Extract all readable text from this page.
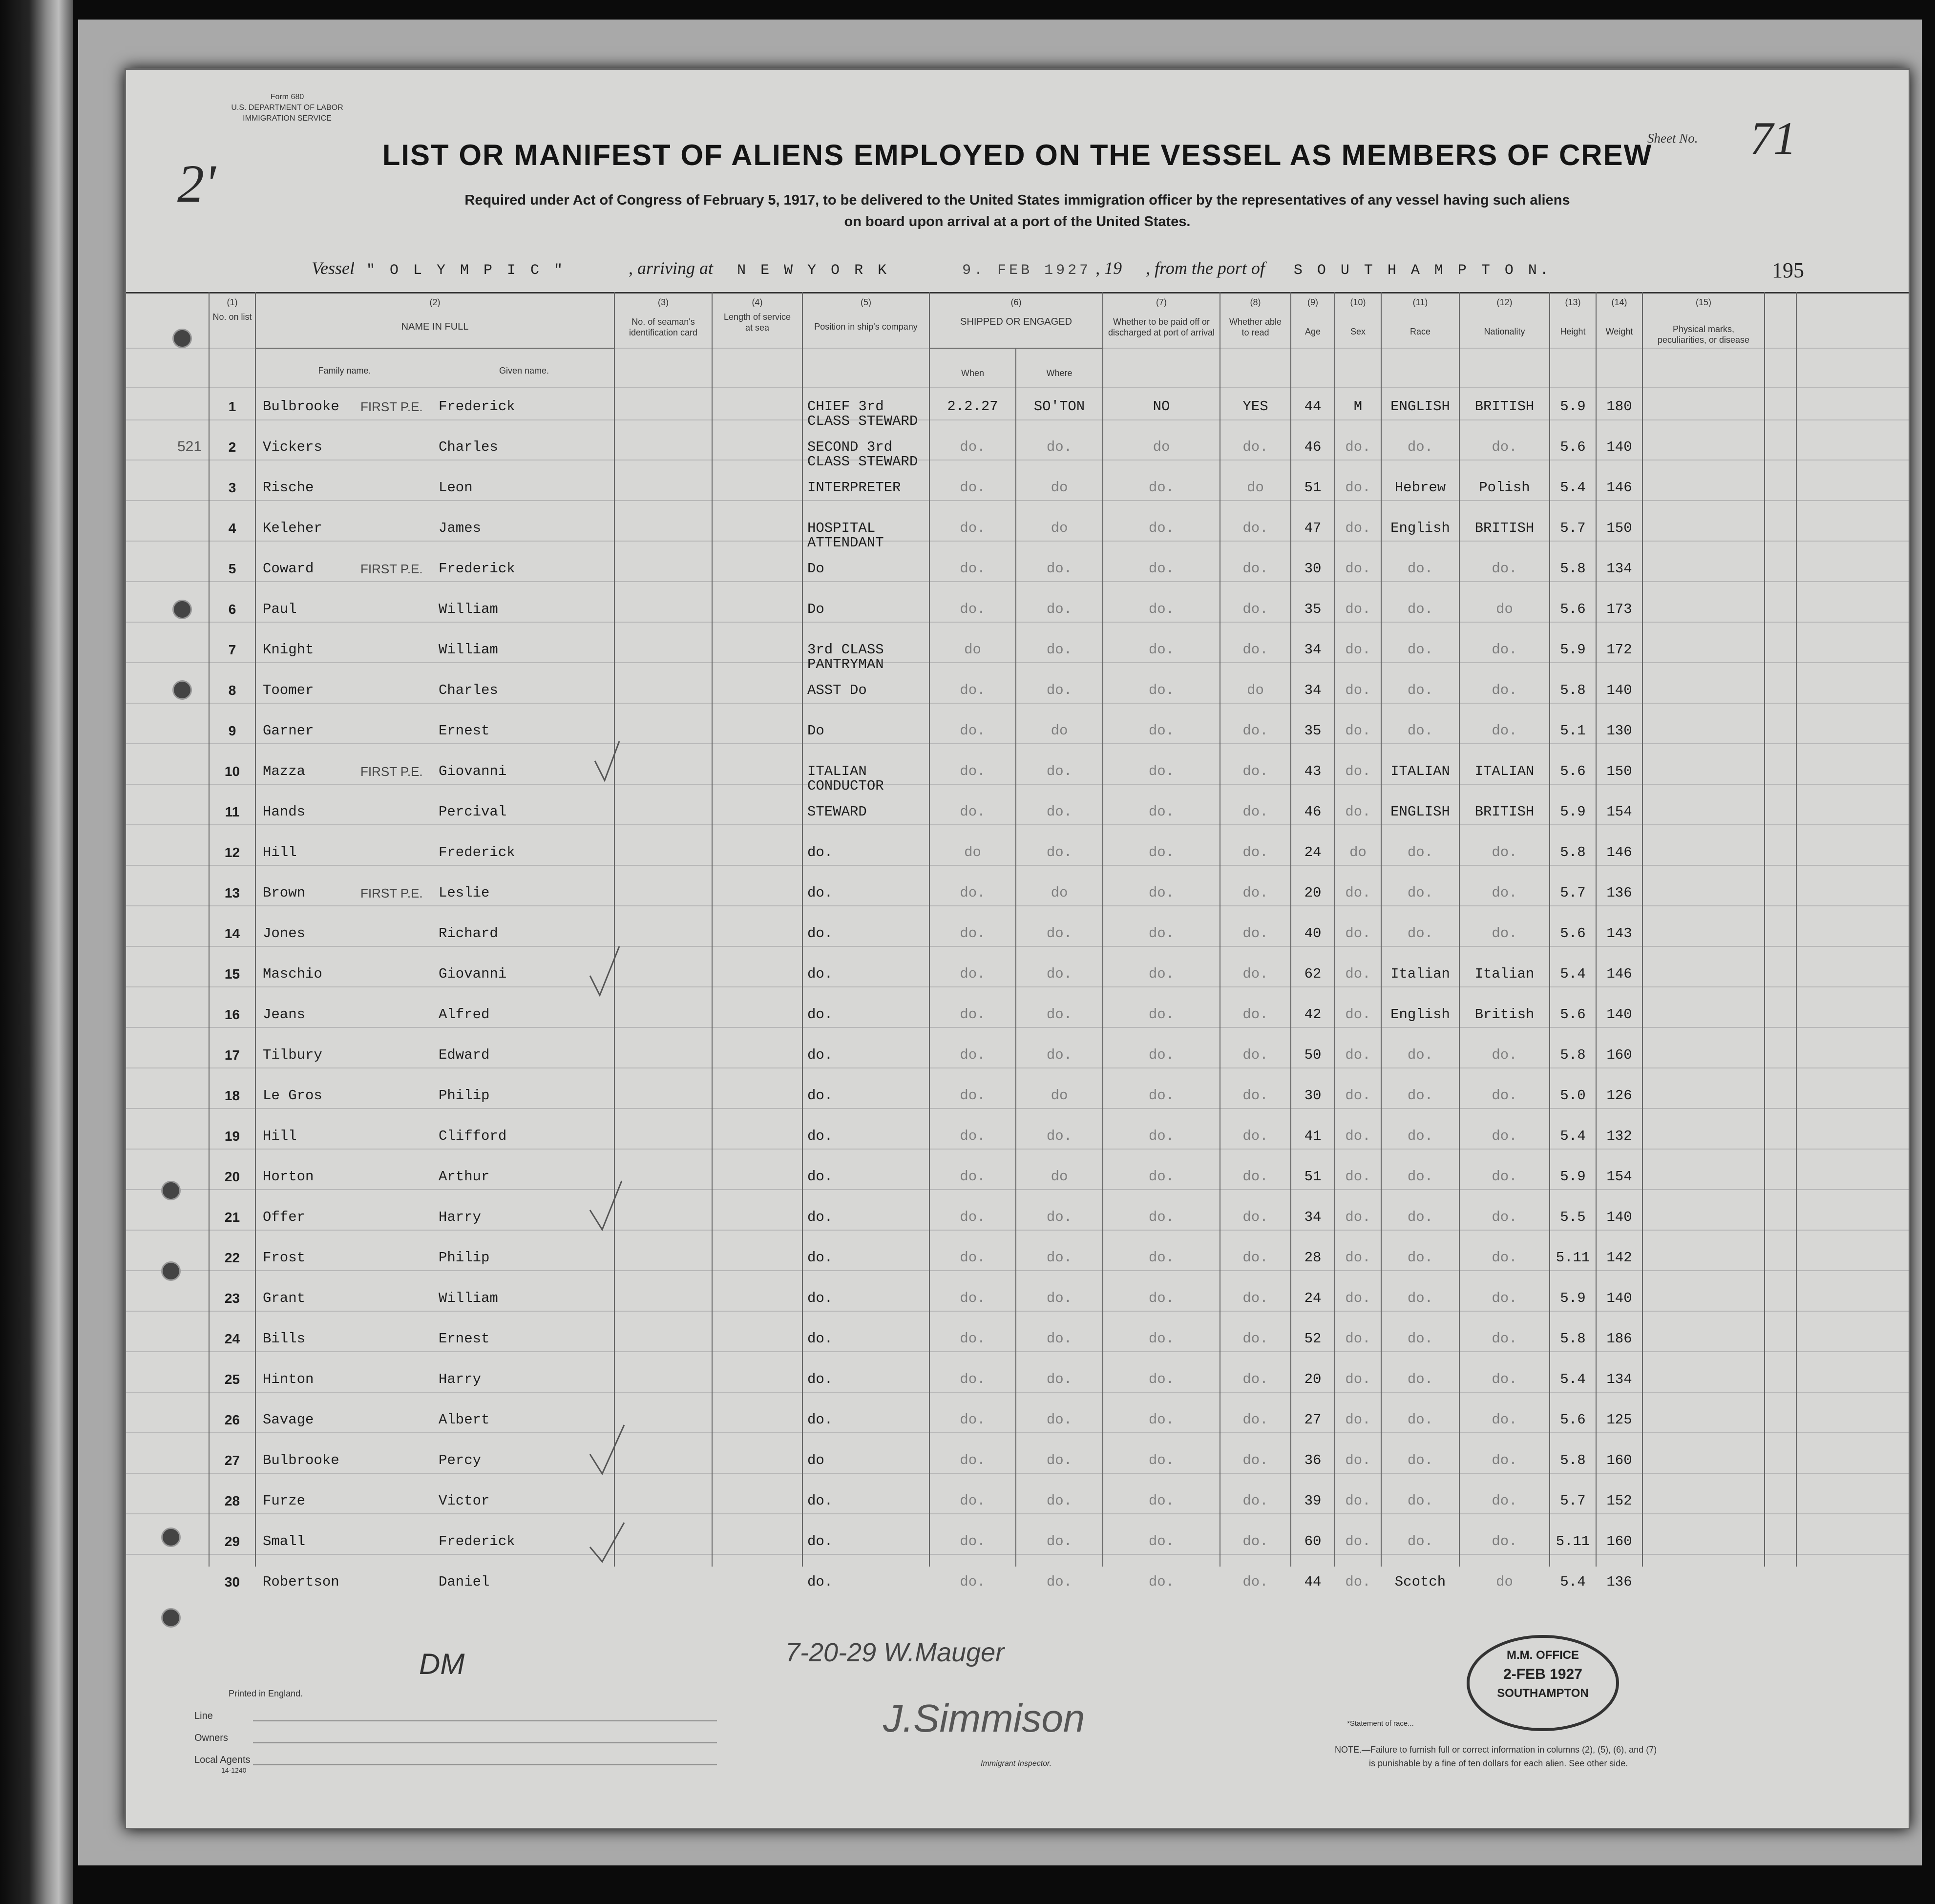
Form 680
U.S. DEPARTMENT OF LABOR
IMMIGRATION SERVICE
2'
Sheet No. 71
LIST OR MANIFEST OF ALIENS EMPLOYED ON THE VESSEL AS MEMBERS OF CREW
Required under Act of Congress of February 5, 1917, to be delivered to the United States immigration officer by the representatives of any vessel having such aliens
on board upon arrival at a port of the United States.
Vessel " O L Y M P I C "	, arriving at N E W Y O R K	9. FEB 1927 , 19 , from the port of S O U T H A M P T O N.	195
(1)
No. on list
(2)
NAME IN FULL
Family name.	Given name.
(3)
No. of seaman's identification card
(4)
Length of service at sea
(5)
Position in ship's company
(6)
SHIPPED OR ENGAGED
When	Where
(7)
Whether to be paid off or discharged at port of arrival
(8)
Whether able to read
(9)
Age
(10)
Sex
(11)
Race
(12)
Nationality
(13)
Height
(14)
Weight
(15)
Physical marks, peculiarities, or disease
521
1	Bulbrooke	FIRST P.E.	Frederick	CHIEF 3rd	2.2.27	SO'TON	NO	YES	44	M	ENGLISH	BRITISH	5.9	180
CLASS STEWARD
2	Vickers	Charles	SECOND 3rd	do.	do.	do	do.	46	do.	do.	do.	5.6	140
CLASS STEWARD
3	Rische	Leon	INTERPRETER	do.	do	do.	do	51	do.	Hebrew	Polish	5.4	146
4	Keleher	James	HOSPITAL	do.	do	do.	do.	47	do.	English	BRITISH	5.7	150
ATTENDANT
5	Coward	FIRST P.E.	Frederick	Do	do.	do.	do.	do.	30	do.	do.	do.	5.8	134
6	Paul	William	Do	do.	do.	do.	do.	35	do.	do.	do	5.6	173
7	Knight	William	3rd CLASS	do	do.	do.	do.	34	do.	do.	do.	5.9	172
PANTRYMAN
8	Toomer	Charles	ASST Do	do.	do.	do.	do	34	do.	do.	do.	5.8	140
9	Garner	Ernest	Do	do.	do	do.	do.	35	do.	do.	do.	5.1	130
10	Mazza	FIRST P.E.	Giovanni	ITALIAN	do.	do.	do.	do.	43	do.	ITALIAN	ITALIAN	5.6	150
CONDUCTOR
11	Hands	Percival	STEWARD	do.	do.	do.	do.	46	do.	ENGLISH	BRITISH	5.9	154
12	Hill	Frederick	do.	do	do.	do.	do.	24	do	do.	do.	5.8	146
13	Brown	FIRST P.E.	Leslie	do.	do.	do	do.	do.	20	do.	do.	do.	5.7	136
14	Jones	Richard	do.	do.	do.	do.	do.	40	do.	do.	do.	5.6	143
15	Maschio	Giovanni	do.	do.	do.	do.	do.	62	do.	Italian	Italian	5.4	146
16	Jeans	Alfred	do.	do.	do.	do.	do.	42	do.	English	British	5.6	140
17	Tilbury	Edward	do.	do.	do.	do.	do.	50	do.	do.	do.	5.8	160
18	Le Gros	Philip	do.	do.	do	do.	do.	30	do.	do.	do.	5.0	126
19	Hill	Clifford	do.	do.	do.	do.	do.	41	do.	do.	do.	5.4	132
20	Horton	Arthur	do.	do.	do	do.	do.	51	do.	do.	do.	5.9	154
21	Offer	Harry	do.	do.	do.	do.	do.	34	do.	do.	do.	5.5	140
22	Frost	Philip	do.	do.	do.	do.	do.	28	do.	do.	do.	5.11	142
23	Grant	William	do.	do.	do.	do.	do.	24	do.	do.	do.	5.9	140
24	Bills	Ernest	do.	do.	do.	do.	do.	52	do.	do.	do.	5.8	186
25	Hinton	Harry	do.	do.	do.	do.	do.	20	do.	do.	do.	5.4	134
26	Savage	Albert	do.	do.	do.	do.	do.	27	do.	do.	do.	5.6	125
27	Bulbrooke	Percy	do	do.	do.	do.	do.	36	do.	do.	do.	5.8	160
28	Furze	Victor	do.	do.	do.	do.	do.	39	do.	do.	do.	5.7	152
29	Small	Frederick	do.	do.	do.	do.	do.	60	do.	do.	do.	5.11	160
30	Robertson	Daniel	do.	do.	do.	do.	do.	44	do.	Scotch	do	5.4	136
Printed in England.
Line
Owners
Local Agents
14-1240
DM	7-20-29 W.Mauger
J.Simmison
Immigrant Inspector.
M.M. OFFICE
2-FEB 1927
SOUTHAMPTON
*Statement of race...
NOTE.—Failure to furnish full or correct information in columns (2), (5), (6), and (7)
is punishable by a fine of ten dollars for each alien. See other side.
